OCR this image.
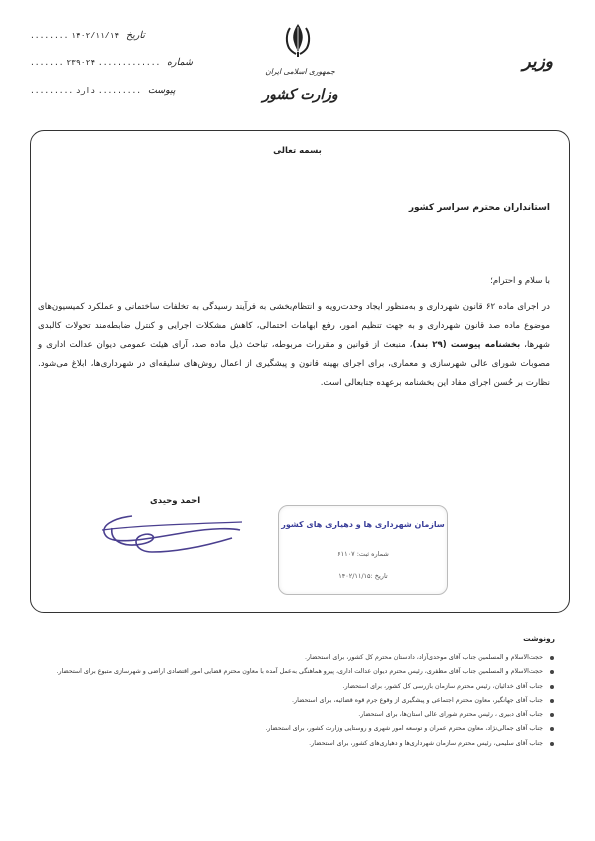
تاریخ ۱۴۰۲/۱۱/۱۴ ........
شماره ............. ۲۳۹۰۲۴ .......
پیوست ......... دارد .........
جمهوری اسلامی ایران
وزارت کشور
وزیر
بسمه تعالی
استانداران محترم سراسر کشور
با سلام و احترام؛
در اجرای ماده ۶۲ قانون شهرداری و به‌منظور ایجاد وحدت‌رویه و انتظام‌بخشی به فرآیند رسیدگی به تخلفات ساختمانی و عملکرد کمیسیون‌های موضوع ماده صد قانون شهرداری و به جهت تنظیم امور، رفع ابهامات احتمالی، کاهش مشکلات اجرایی و کنترل ضابطه‌مند تحولات کالبدی شهرها، بخشنامه پیوست (۲۹ بند)، منبعث از قوانین و مقررات مربوطه، تباحث ذیل ماده صد، آرای هیئت عمومی دیوان عدالت اداری و مصوبات شورای عالی شهرسازی و معماری، برای اجرای بهینه قانون و پیشگیری از اعمال روش‌های سلیقه‌ای در شهرداری‌ها، ابلاغ می‌شود. نظارت بر حُسن اجرای مفاد این بخشنامه برعهده جنابعالی است.
احمد وحیدی
سازمان شهرداری ها و دهیاری های کشور
شماره ثبت: ۶۱۱۰۷
تاریخ :۱۴۰۲/۱۱/۱۵
رونوشت
حجت‌الاسلام و المسلمین جناب آقای موحدی‌آزاد، دادستان محترم کل کشور، برای استحضار.
حجت‌الاسلام و المسلمین جناب آقای مظفری، رئیس محترم دیوان عدالت اداری، پیرو هماهنگی به‌عمل آمده با معاون محترم قضایی امور اقتصادی اراضی و شهرسازی متبوع برای استحضار.
جناب آقای خدائیان، رئیس محترم سازمان بازرسی کل کشور، برای استحضار.
جناب آقای جهانگیر، معاون محترم اجتماعی و پیشگیری از وقوع جرم قوه قضائیه، برای استحضار.
جناب آقای دبیری ، رئیس محترم شورای عالی استان‌ها، برای استحضار.
جناب آقای جمالی‌نژاد، معاون محترم عمران و توسعه امور شهری و روستایی وزارت کشور، برای استحضار.
جناب آقای سلیمی، رئیس محترم سازمان شهرداری‌ها و دهیاری‌های کشور، برای استحضار.
